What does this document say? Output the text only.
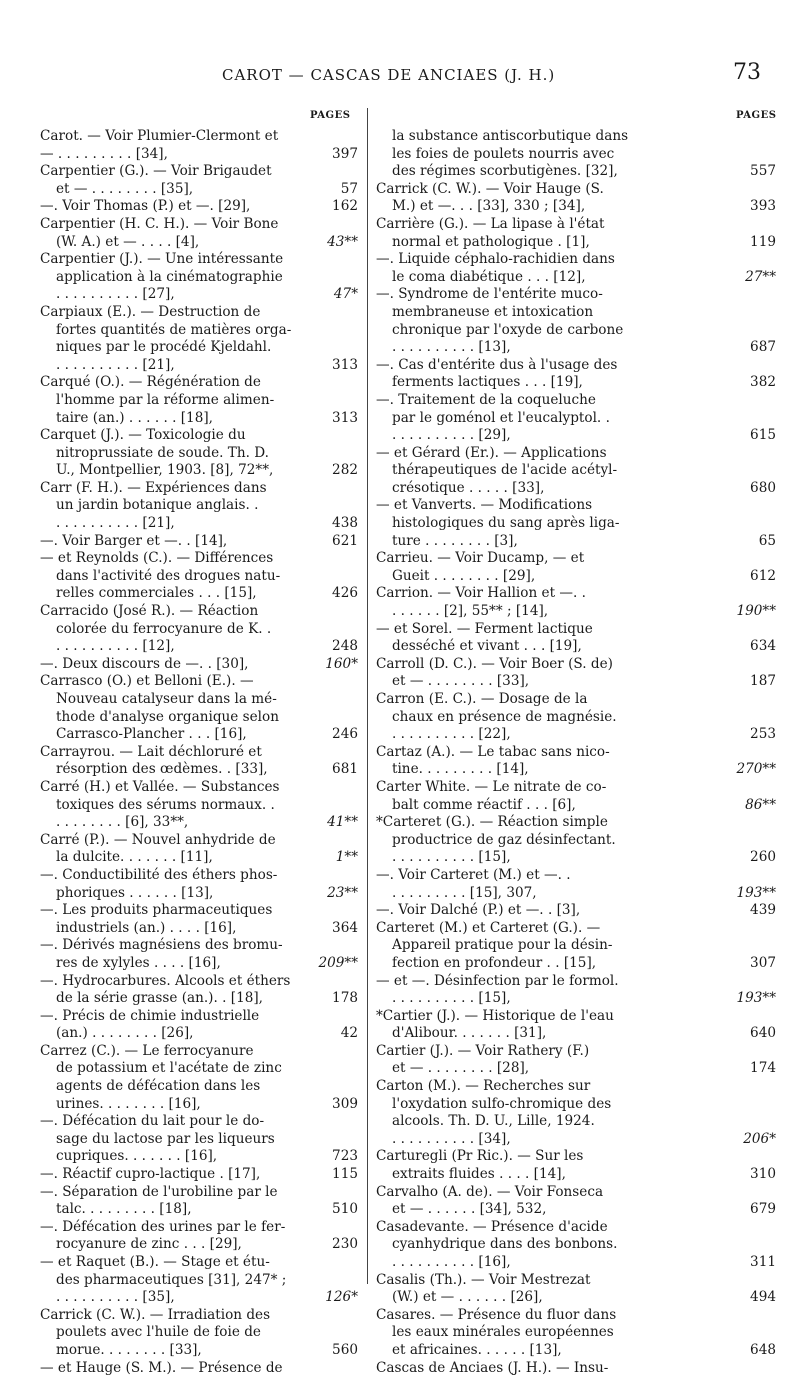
CAROT — CASCAS DE ANCIAES (J. H.)	73
PAGES	PAGES
Carot. — Voir Plumier-Clermont et
— . . . . . . . . . [34],	397
Carpentier (G.). — Voir Brigaudet
et — . . . . . . . . [35],	57
—. Voir Thomas (P.) et —. [29],	162
Carpentier (H. C. H.). — Voir Bone
(W. A.) et — . . . . [4],	43**
Carpentier (J.). — Une intéressante
application à la cinématographie
. . . . . . . . . . [27],	47*
Carpiaux (E.). — Destruction de
fortes quantités de matières orga-
niques par le procédé Kjeldahl.
. . . . . . . . . . [21],	313
Carqué (O.). — Régénération de
l'homme par la réforme alimen-
taire (an.) . . . . . . [18],	313
Carquet (J.). — Toxicologie du
nitroprussiate de soude. Th. D.
U., Montpellier, 1903. [8], 72**,	282
Carr (F. H.). — Expériences dans
un jardin botanique anglais. .
. . . . . . . . . . [21],	438
—. Voir Barger et —. . [14],	621
— et Reynolds (C.). — Différences
dans l'activité des drogues natu-
relles commerciales . . . [15],	426
Carracido (José R.). — Réaction
colorée du ferrocyanure de K. .
. . . . . . . . . . [12],	248
—. Deux discours de —. . [30],	160*
Carrasco (O.) et Belloni (E.). —
Nouveau catalyseur dans la mé-
thode d'analyse organique selon
Carrasco-Plancher . . . [16],	246
Carrayrou. — Lait déchloruré et
résorption des œdèmes. . [33],	681
Carré (H.) et Vallée. — Substances
toxiques des sérums normaux. .
. . . . . . . . [6], 33**,	41**
Carré (P.). — Nouvel anhydride de
la dulcite. . . . . . . [11],	1**
—. Conductibilité des éthers phos-
phoriques . . . . . . [13],	23**
—. Les produits pharmaceutiques
industriels (an.) . . . . [16],	364
—. Dérivés magnésiens des bromu-
res de xylyles . . . . [16],	209**
—. Hydrocarbures. Alcools et éthers
de la série grasse (an.). . [18],	178
—. Précis de chimie industrielle
(an.) . . . . . . . . [26],	42
Carrez (C.). — Le ferrocyanure
de potassium et l'acétate de zinc
agents de défécation dans les
urines. . . . . . . . [16],	309
—. Défécation du lait pour le do-
sage du lactose par les liqueurs
cupriques. . . . . . . [16],	723
—. Réactif cupro-lactique . [17],	115
—. Séparation de l'urobiline par le
talc. . . . . . . . . [18],	510
—. Défécation des urines par le fer-
rocyanure de zinc . . . [29],	230
— et Raquet (B.). — Stage et étu-
des pharmaceutiques [31], 247* ;
. . . . . . . . . . [35],	126*
Carrick (C. W.). — Irradiation des
poulets avec l'huile de foie de
morue. . . . . . . . [33],	560
— et Hauge (S. M.). — Présence de
la substance antiscorbutique dans
les foies de poulets nourris avec
des régimes scorbutigènes. [32],	557
Carrick (C. W.). — Voir Hauge (S.
M.) et —. . . [33], 330 ; [34],	393
Carrière (G.). — La lipase à l'état
normal et pathologique . [1],	119
—. Liquide céphalo-rachidien dans
le coma diabétique . . . [12],	27**
—. Syndrome de l'entérite muco-
membraneuse et intoxication
chronique par l'oxyde de carbone
. . . . . . . . . . [13],	687
—. Cas d'entérite dus à l'usage des
ferments lactiques . . . [19],	382
—. Traitement de la coqueluche
par le goménol et l'eucalyptol. .
. . . . . . . . . . [29],	615
— et Gérard (Er.). — Applications
thérapeutiques de l'acide acétyl-
crésotique . . . . . [33],	680
— et Vanverts. — Modifications
histologiques du sang après liga-
ture . . . . . . . . [3],	65
Carrieu. — Voir Ducamp, — et
Gueit . . . . . . . . [29],	612
Carrion. — Voir Hallion et —. .
. . . . . . [2], 55** ; [14],	190**
— et Sorel. — Ferment lactique
desséché et vivant . . . [19],	634
Carroll (D. C.). — Voir Boer (S. de)
et — . . . . . . . . [33],	187
Carron (E. C.). — Dosage de la
chaux en présence de magnésie.
. . . . . . . . . . [22],	253
Cartaz (A.). — Le tabac sans nico-
tine. . . . . . . . . [14],	270**
Carter White. — Le nitrate de co-
balt comme réactif . . . [6],	86**
*Carteret (G.). — Réaction simple
productrice de gaz désinfectant.
. . . . . . . . . . [15],	260
—. Voir Carteret (M.) et —. .
. . . . . . . . . [15], 307,	193**
—. Voir Dalché (P.) et —. . [3],	439
Carteret (M.) et Carteret (G.). —
Appareil pratique pour la désin-
fection en profondeur . . [15],	307
— et —. Désinfection par le formol.
. . . . . . . . . . [15],	193**
*Cartier (J.). — Historique de l'eau
d'Alibour. . . . . . . [31],	640
Cartier (J.). — Voir Rathery (F.)
et — . . . . . . . . [28],	174
Carton (M.). — Recherches sur
l'oxydation sulfo-chromique des
alcools. Th. D. U., Lille, 1924.
. . . . . . . . . . [34],	206*
Carturegli (Pr Ric.). — Sur les
extraits fluides . . . . [14],	310
Carvalho (A. de). — Voir Fonseca
et — . . . . . . [34], 532,	679
Casadevante. — Présence d'acide
cyanhydrique dans des bonbons.
. . . . . . . . . . [16],	311
Casalis (Th.). — Voir Mestrezat
(W.) et — . . . . . . [26],	494
Casares. — Présence du fluor dans
les eaux minérales européennes
et africaines. . . . . . [13],	648
Cascas de Anciaes (J. H.). — Insu-
